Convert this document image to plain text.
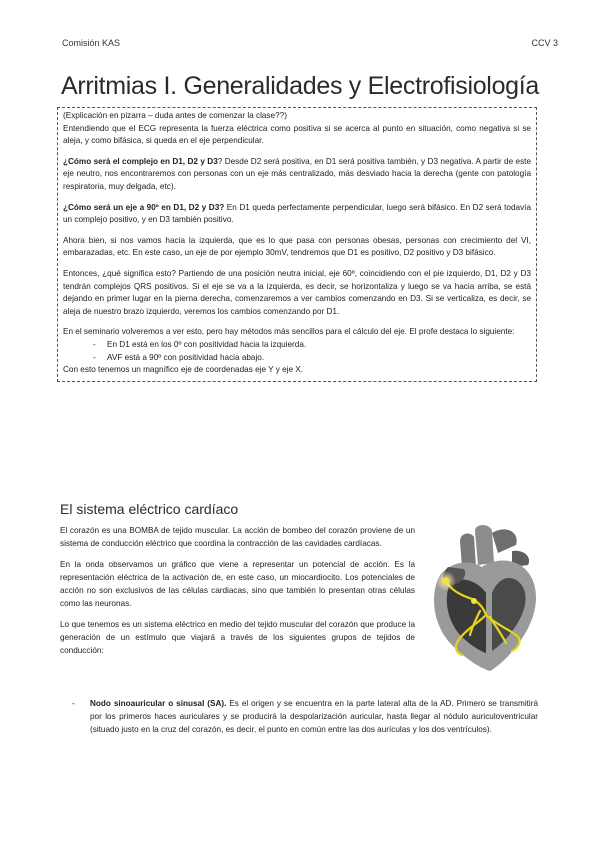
Comisión KAS	CCV 3
Arritmias I. Generalidades y Electrofisiología

(Explicación en pizarra – duda antes de comenzar la clase??)

Entendiendo que el ECG representa la fuerza eléctrica como positiva si se acerca al punto en situación, como negativa si se aleja, y como bifásica, si queda en el eje perpendicular.

¿Cómo será el complejo en D1, D2 y D3? Desde D2 será positiva, en D1 será positiva también, y D3 negativa. A partir de este eje neutro, nos encontraremos con personas con un eje más centralizado, más desviado hacia la derecha (gente con patología respiratoria, muy delgada, etc).

¿Cómo será un eje a 90º en D1, D2 y D3? En D1 queda perfectamente perpendicular, luego será bifásico. En D2 será todavía un complejo positivo, y en D3 también positivo.

Ahora bien, si nos vamos hacia la izquierda, que es lo que pasa con personas obesas, personas con crecimiento del VI, embarazadas, etc. En este caso, un eje de por ejemplo 30mV, tendremos que D1 es positivo, D2 positivo y D3 bifásico.

Entonces, ¿qué significa esto? Partiendo de una posición neutra inicial, eje 60º, coincidiendo con el pie izquierdo, D1, D2 y D3 tendrán complejos QRS positivos. Si el eje se va a la izquierda, es decir, se horizontaliza y luego se va hacia arriba, se está dejando en primer lugar en la pierna derecha, comenzaremos a ver cambios comenzando en D3. Si se verticaliza, es decir, se aleja de nuestro brazo izquierdo, veremos los cambios comenzando por D1.

En el seminario volveremos a ver esto, pero hay métodos más sencillos para el cálculo del eje. El profe destaca lo siguiente:

- En D1 está en los 0º con positividad hacia la izquierda.
- AVF está a 90º con positividad hacia abajo.

Con esto tenemos un magnífico eje de coordenadas eje Y y eje X.

El sistema eléctrico cardíaco

El corazón es una BOMBA de tejido muscular. La acción de bombeo del corazón proviene de un sistema de conducción eléctrico que coordina la contracción de las cavidades cardíacas.

En la onda observamos un gráfico que viene a representar un potencial de acción. Es la representación eléctrica de la activación de, en este caso, un miocardiocito. Los potenciales de acción no son exclusivos de las células cardiacas, sino que también lo presentan otras células como las neuronas.

Lo que tenemos es un sistema eléctrico en medio del tejido muscular del corazón que produce la generación de un estímulo que viajará a través de los siguientes grupos de tejidos de conducción:

- Nodo sinoauricular o sinusal (SA). Es el origen y se encuentra en la parte lateral alta de la AD. Primero se transmitirá por los primeros haces auriculares y se producirá la despolarización auricular, hasta llegar al nódulo auriculoventricular (situado justo en la cruz del corazón, es decir, el punto en común entre las dos aurículas y los dos ventrículos).
